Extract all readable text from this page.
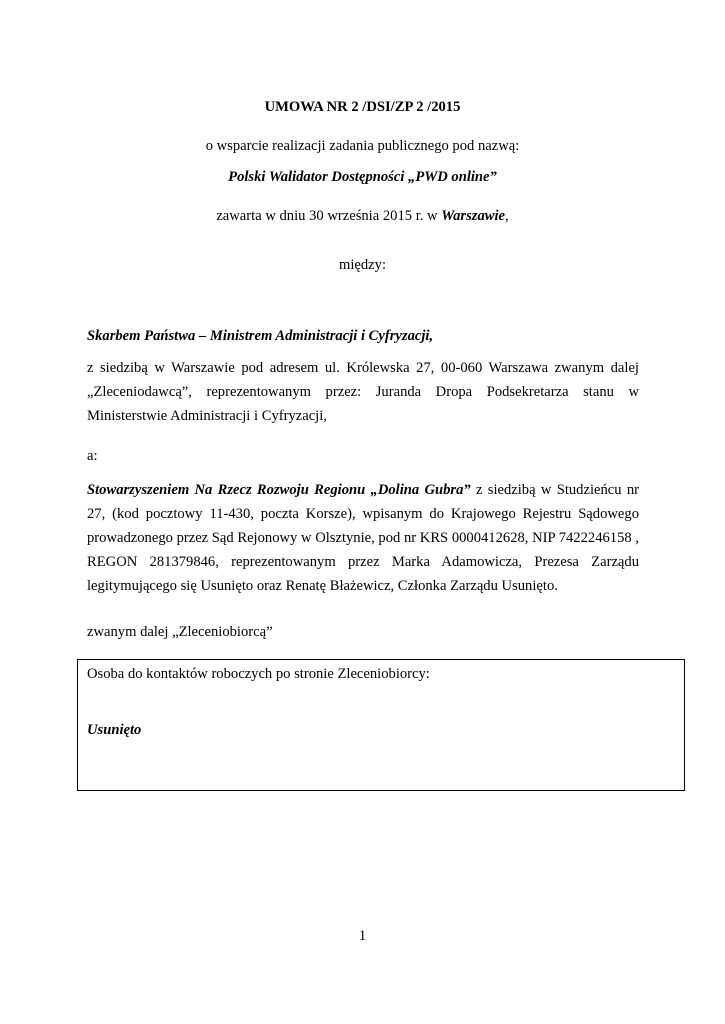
UMOWA NR 2 /DSI/ZP 2 /2015
o wsparcie realizacji zadania publicznego pod nazwą:
Polski Walidator Dostępności „PWD online”
zawarta w dniu 30 września 2015 r. w Warszawie,
między:
Skarbem Państwa – Ministrem Administracji i Cyfryzacji,
z siedzibą w Warszawie pod adresem ul. Królewska 27, 00-060 Warszawa zwanym dalej „Zleceniodawcą”, reprezentowanym przez: Juranda Dropa Podsekretarza stanu w Ministerstwie Administracji i Cyfryzacji,
a:
Stowarzyszeniem Na Rzecz Rozwoju Regionu „Dolina Gubra” z siedzibą w Studzieńcu nr 27, (kod pocztowy 11-430, poczta Korsze), wpisanym do Krajowego Rejestru Sądowego prowadzonego przez Sąd Rejonowy w Olsztynie, pod nr KRS 0000412628, NIP 7422246158 , REGON 281379846, reprezentowanym przez Marka Adamowicza, Prezesa Zarządu legitymującego się Usunięto oraz Renatę Błażewicz, Członka Zarządu Usunięto.
zwanym dalej „Zleceniobiorcą”
Osoba do kontaktów roboczych po stronie Zleceniobiorcy:
Usunięto
1
